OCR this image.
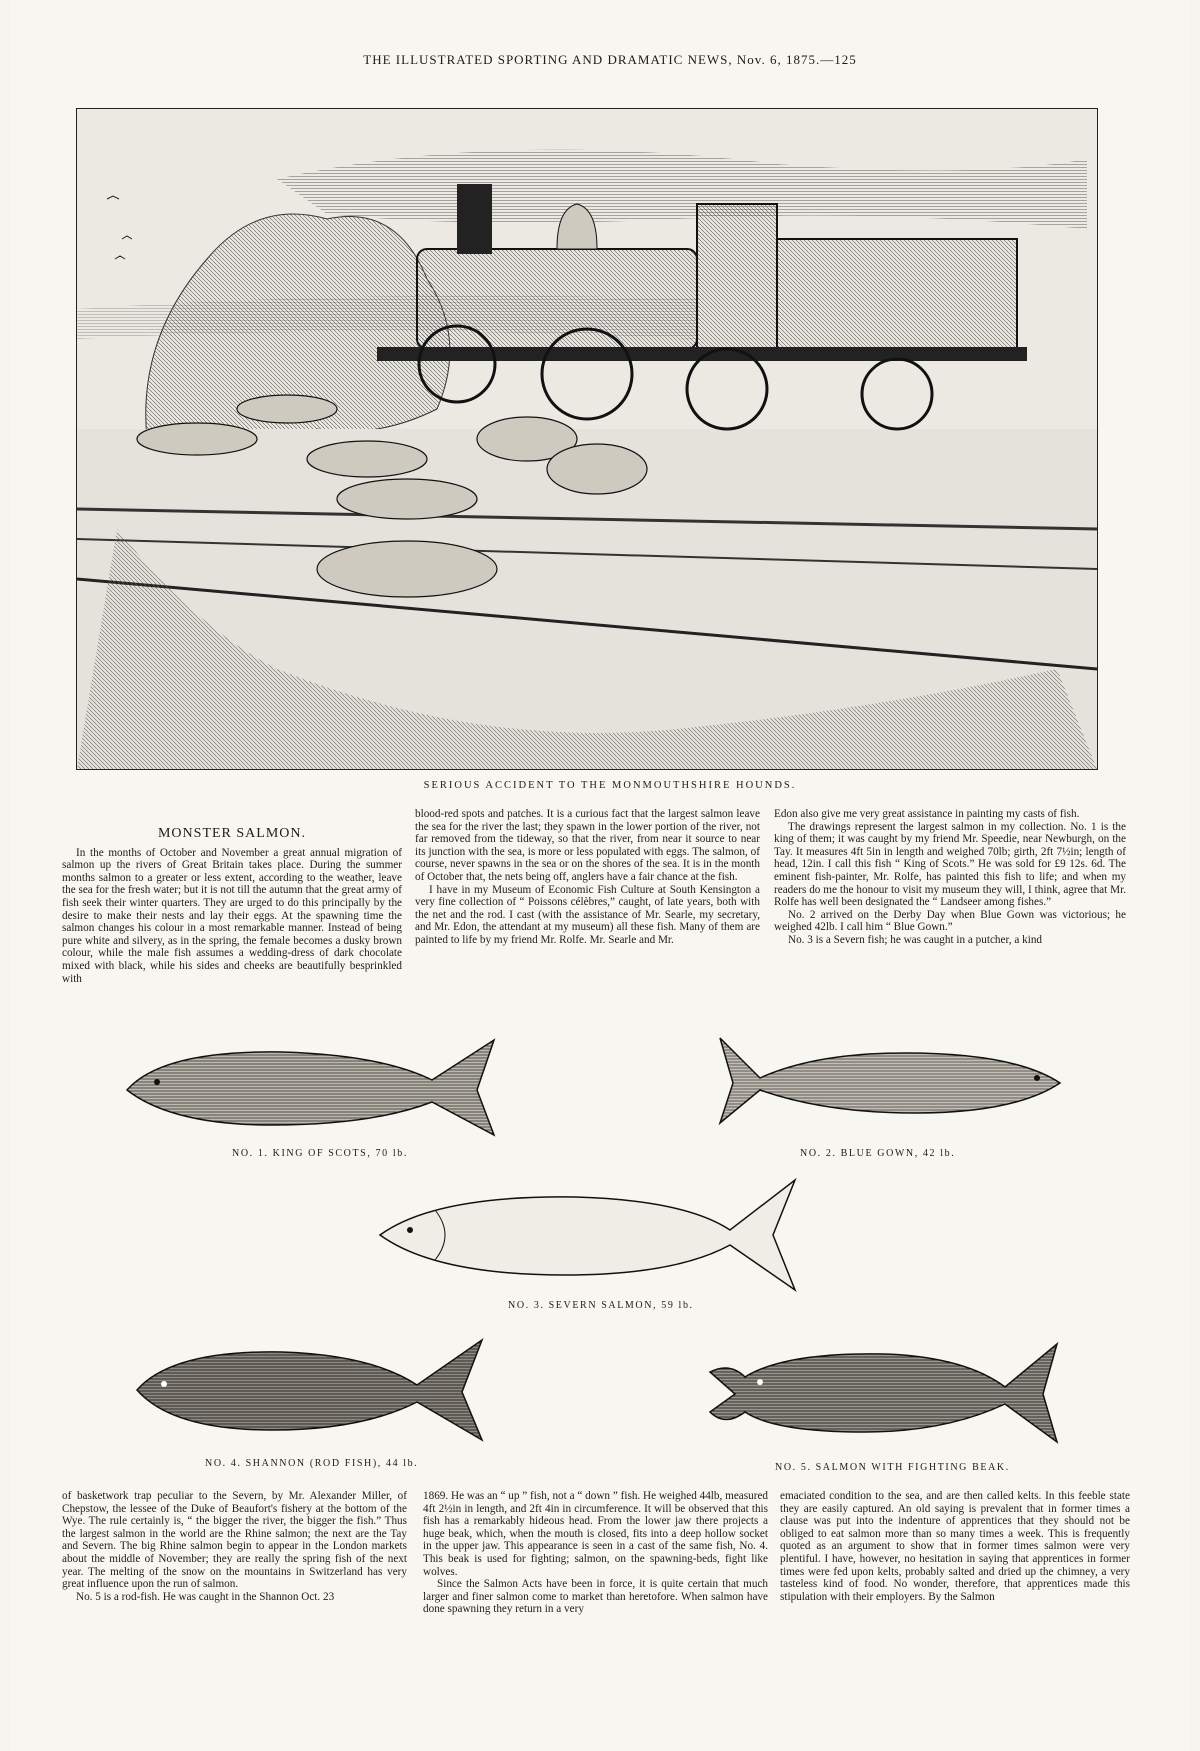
THE ILLUSTRATED SPORTING AND DRAMATIC NEWS, Nov. 6, 1875.—125
SERIOUS ACCIDENT TO THE MONMOUTHSHIRE HOUNDS.
MONSTER SALMON.

In the months of October and November a great annual migration of salmon up the rivers of Great Britain takes place. During the summer months salmon to a greater or less extent, according to the weather, leave the sea for the fresh water; but it is not till the autumn that the great army of fish seek their winter quarters. They are urged to do this principally by the desire to make their nests and lay their eggs. At the spawning time the salmon changes his colour in a most remarkable manner. Instead of being pure white and silvery, as in the spring, the female becomes a dusky brown colour, while the male fish assumes a wedding-dress of dark chocolate mixed with black, while his sides and cheeks are beautifully besprinkled with

blood-red spots and patches. It is a curious fact that the largest salmon leave the sea for the river the last; they spawn in the lower portion of the river, not far removed from the tideway, so that the river, from near it source to near its junction with the sea, is more or less populated with eggs. The salmon, of course, never spawns in the sea or on the shores of the sea. It is in the month of October that, the nets being off, anglers have a fair chance at the fish.

I have in my Museum of Economic Fish Culture at South Kensington a very fine collection of “ Poissons célèbres,” caught, of late years, both with the net and the rod. I cast (with the assistance of Mr. Searle, my secretary, and Mr. Edon, the attendant at my museum) all these fish. Many of them are painted to life by my friend Mr. Rolfe. Mr. Searle and Mr.

Edon also give me very great assistance in painting my casts of fish.

The drawings represent the largest salmon in my collection. No. 1 is the king of them; it was caught by my friend Mr. Speedie, near Newburgh, on the Tay. It measures 4ft 5in in length and weighed 70lb; girth, 2ft 7½in; length of head, 12in. I call this fish “ King of Scots.” He was sold for £9 12s. 6d. The eminent fish-painter, Mr. Rolfe, has painted this fish to life; and when my readers do me the honour to visit my museum they will, I think, agree that Mr. Rolfe has well been designated the “ Landseer among fishes.”

No. 2 arrived on the Derby Day when Blue Gown was victorious; he weighed 42lb. I call him “ Blue Gown.”

No. 3 is a Severn fish; he was caught in a putcher, a kind

NO. 1. KING OF SCOTS, 70 lb.	NO. 2. BLUE GOWN, 42 lb.
NO. 3. SEVERN SALMON, 59 lb.
NO. 4. SHANNON (ROD FISH), 44 lb.	NO. 5. SALMON WITH FIGHTING BEAK.

of basketwork trap peculiar to the Severn, by Mr. Alexander Miller, of Chepstow, the lessee of the Duke of Beaufort's fishery at the bottom of the Wye. The rule certainly is, “ the bigger the river, the bigger the fish.” Thus the largest salmon in the world are the Rhine salmon; the next are the Tay and Severn. The big Rhine salmon begin to appear in the London markets about the middle of November; they are really the spring fish of the next year. The melting of the snow on the mountains in Switzerland has very great influence upon the run of salmon.

No. 5 is a rod-fish. He was caught in the Shannon Oct. 23

1869. He was an “ up ” fish, not a “ down ” fish. He weighed 44lb, measured 4ft 2½in in length, and 2ft 4in in circumference. It will be observed that this fish has a remarkably hideous head. From the lower jaw there projects a huge beak, which, when the mouth is closed, fits into a deep hollow socket in the upper jaw. This appearance is seen in a cast of the same fish, No. 4. This beak is used for fighting; salmon, on the spawning-beds, fight like wolves.

Since the Salmon Acts have been in force, it is quite certain that much larger and finer salmon come to market than heretofore. When salmon have done spawning they return in a very

emaciated condition to the sea, and are then called kelts. In this feeble state they are easily captured. An old saying is prevalent that in former times a clause was put into the indenture of apprentices that they should not be obliged to eat salmon more than so many times a week. This is frequently quoted as an argument to show that in former times salmon were very plentiful. I have, however, no hesitation in saying that apprentices in former times were fed upon kelts, probably salted and dried up the chimney, a very tasteless kind of food. No wonder, therefore, that apprentices made this stipulation with their employers. By the Salmon
